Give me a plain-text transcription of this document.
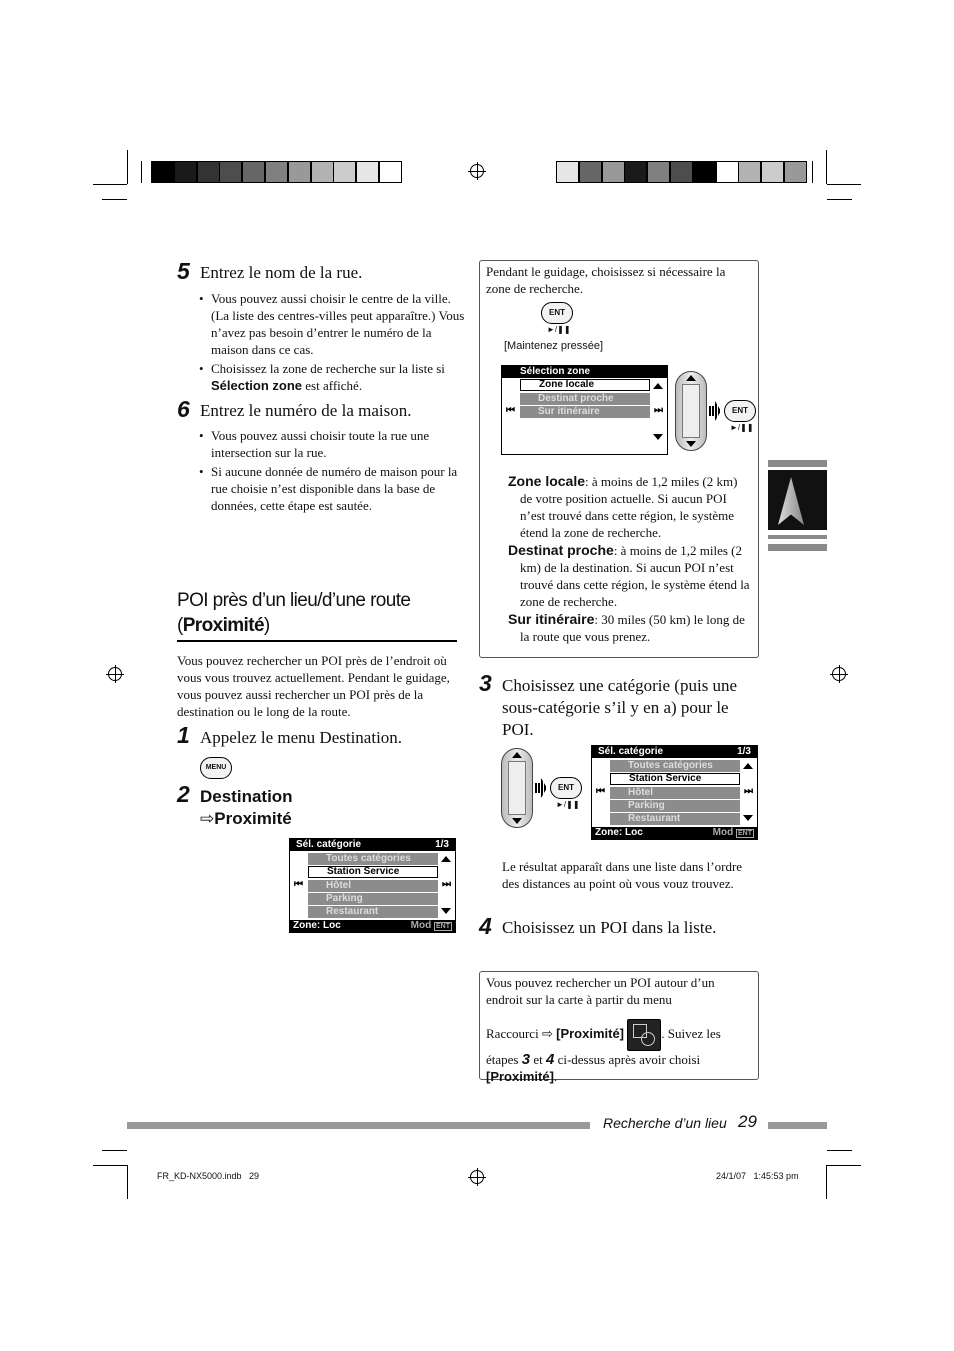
5 Entrez le nom de la rue.
• Vous pouvez aussi choisir le centre de la ville. (La liste des centres-villes peut apparaître.) Vous n’avez pas besoin d’entrer le numéro de la maison dans ce cas.
• Choisissez la zone de recherche sur la liste si Sélection zone est affiché.
6 Entrez le numéro de la maison.
• Vous pouvez aussi choisir toute la rue une intersection sur la rue.
• Si aucune donnée de numéro de maison pour la rue choisie n’est disponible dans la base de données, cette étape est sautée.
POI près d’un lieu/d’une route (Proximité)
Vous pouvez rechercher un POI près de l’endroit où vous vous trouvez actuellement. Pendant le guidage, vous pouvez aussi rechercher un POI près de la destination ou le long de la route.
1 Appelez le menu Destination.
MENU
2 Destination
⇨Proximité
Sél. catégorie	1/3
Toutes catégories
Station Service
Hôtel
Parking
Restaurant
⏮	⏭
Zone: Loc	Mod ENT
Pendant le guidage, choisissez si nécessaire la zone de recherche.
ENT
►/❚❚
[Maintenez pressée]
Sélection zone
Zone locale
Destinat proche
Sur itinéraire
⏮	⏭	ENT
►/❚❚
Zone locale: à moins de 1,2 miles (2 km) de votre position actuelle. Si aucun POI n’est trouvé dans cette région, le système étend la zone de recherche.
Destinat proche: à moins de 1,2 miles (2 km) de la destination. Si aucun POI n’est trouvé dans cette région, le système étend la zone de recherche.
Sur itinéraire: 30 miles (50 km) le long de la route que vous prenez.
3 Choisissez une catégorie (puis une sous-catégorie s’il y en a) pour le POI.
ENT
►/❚❚
Sél. catégorie	1/3
Toutes catégories
Station Service
Hôtel
Parking
Restaurant
⏮	⏭
Zone: Loc	Mod ENT
Le résultat apparaît dans une liste dans l’ordre des distances au point où vous vouz trouvez.
4 Choisissez un POI dans la liste.
Vous pouvez rechercher un POI autour d’un endroit sur la carte à partir du menu
Raccourci ⇨ [Proximité]	. Suivez les étapes 3 et 4 ci-dessus après avoir choisi [Proximité].
Recherche d’un lieu 29
FR_KD-NX5000.indb   29	24/1/07   1:45:53 pm
